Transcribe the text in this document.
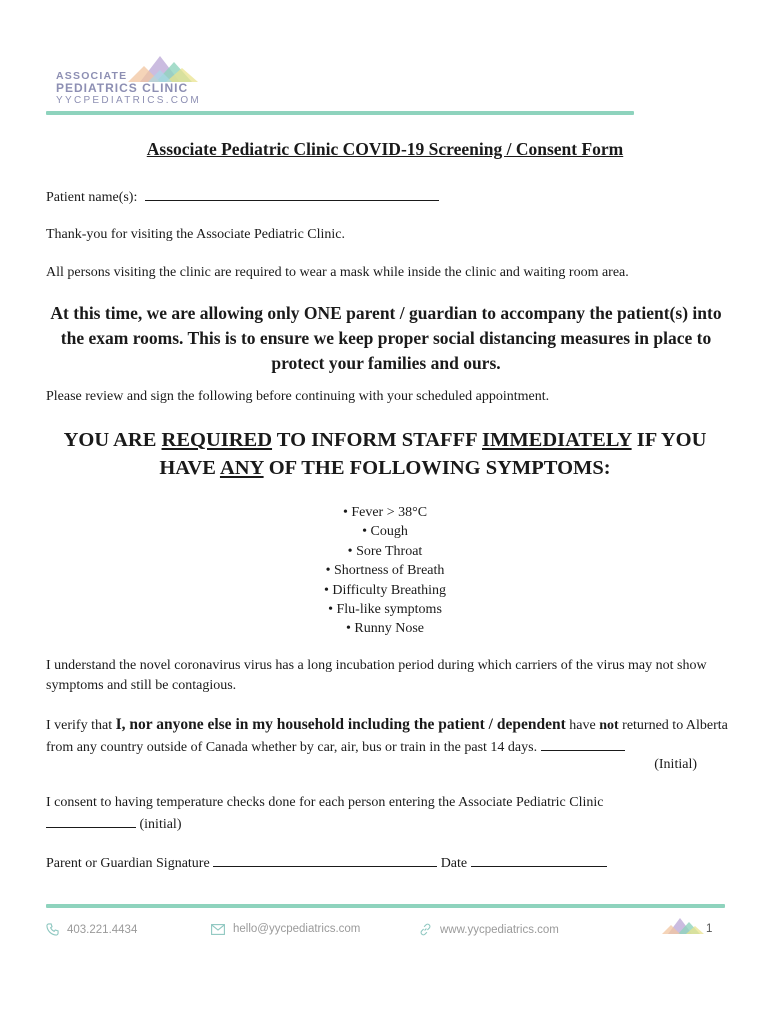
ASSOCIATE
PEDIATRICS CLINIC
YYCPEDIATRICS.COM
Associate Pediatric Clinic COVID-19 Screening / Consent Form
Patient name(s):
Thank-you for visiting the Associate Pediatric Clinic.
All persons visiting the clinic are required to wear a mask while inside the clinic and waiting room area.
At this time, we are allowing only ONE parent / guardian to accompany the patient(s) into the exam rooms. This is to ensure we keep proper social distancing measures in place to protect your families and ours.
Please review and sign the following before continuing with your scheduled appointment.
YOU ARE REQUIRED TO INFORM STAFFF IMMEDIATELY IF YOU HAVE ANY OF THE FOLLOWING SYMPTOMS:
• Fever > 38°C
• Cough
• Sore Throat
• Shortness of Breath
• Difficulty Breathing
• Flu-like symptoms
• Runny Nose
I understand the novel coronavirus virus has a long incubation period during which carriers of the virus may not show symptoms and still be contagious.
I verify that I, nor anyone else in my household including the patient / dependent have not returned to Alberta from any country outside of Canada whether by car, air, bus or train in the past 14 days.
(Initial)
I consent to having temperature checks done for each person entering the Associate Pediatric Clinic
(initial)
Parent or Guardian Signature	Date
403.221.4434	hello@yycpediatrics.com	www.yycpediatrics.com	1
